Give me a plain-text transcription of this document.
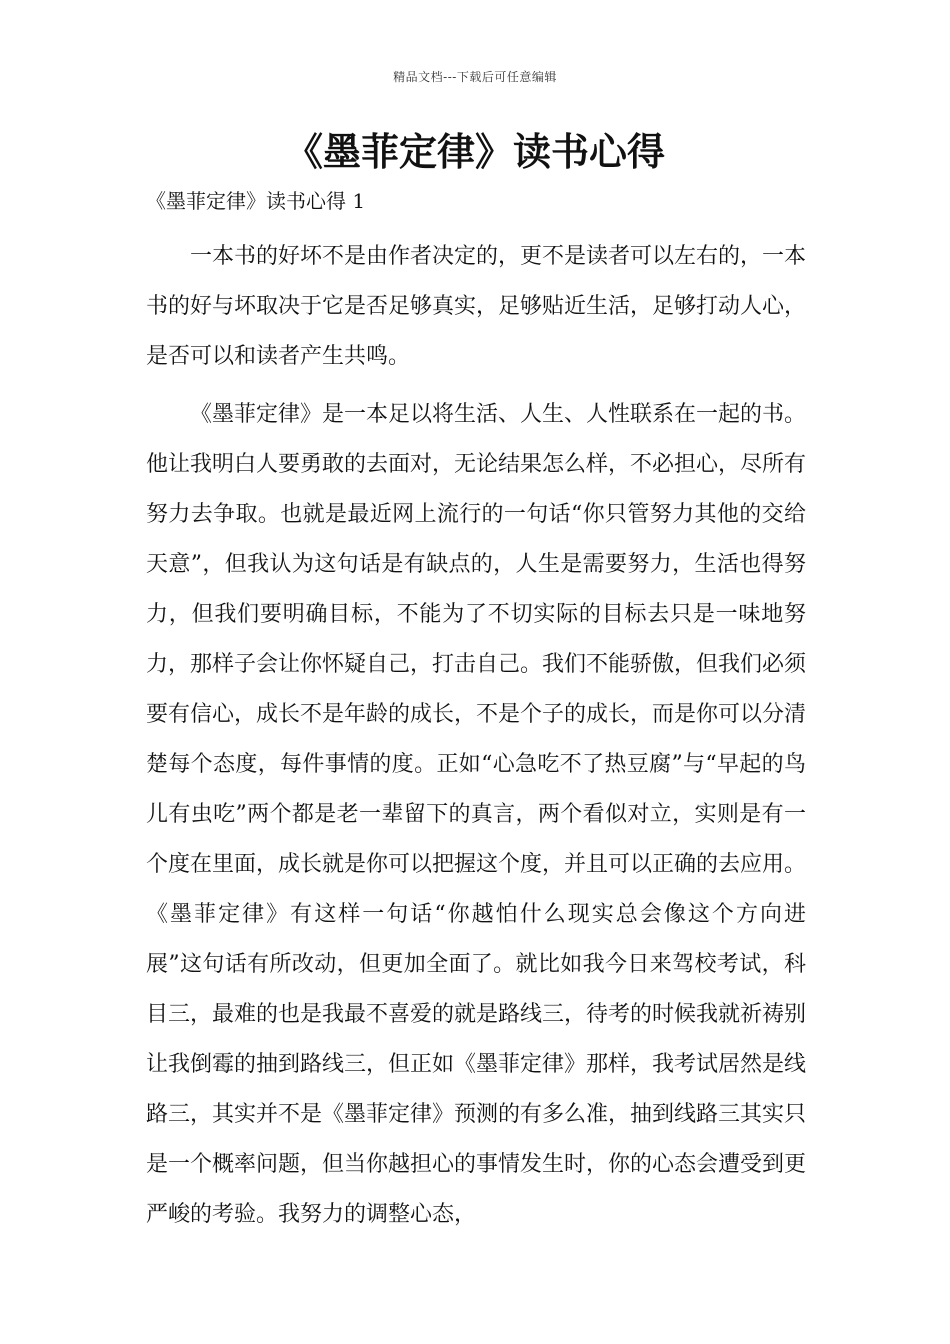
精品文档---下载后可任意编辑
《墨菲定律》读书心得

《墨菲定律》读书心得 1

一本书的好坏不是由作者决定的，更不是读者可以左右的，一本书的好与坏取决于它是否足够真实，足够贴近生活，足够打动人心，是否可以和读者产生共鸣。

《墨菲定律》是一本足以将生活、人生、人性联系在一起的书。他让我明白人要勇敢的去面对，无论结果怎么样，不必担心，尽所有努力去争取。也就是最近网上流行的一句话“你只管努力其他的交给天意”，但我认为这句话是有缺点的，人生是需要努力，生活也得努力，但我们要明确目标，不能为了不切实际的目标去只是一味地努力，那样子会让你怀疑自己，打击自己。我们不能骄傲，但我们必须要有信心，成长不是年龄的成长，不是个子的成长，而是你可以分清楚每个态度，每件事情的度。正如“心急吃不了热豆腐”与“早起的鸟儿有虫吃”两个都是老一辈留下的真言，两个看似对立，实则是有一个度在里面，成长就是你可以把握这个度，并且可以正确的去应用。《墨菲定律》有这样一句话“你越怕什么现实总会像这个方向进展”这句话有所改动，但更加全面了。就比如我今日来驾校考试，科目三，最难的也是我最不喜爱的就是路线三，待考的时候我就祈祷别让我倒霉的抽到路线三，但正如《墨菲定律》那样，我考试居然是线路三，其实并不是《墨菲定律》预测的有多么准，抽到线路三其实只是一个概率问题，但当你越担心的事情发生时，你的心态会遭受到更严峻的考验。我努力的调整心态，
